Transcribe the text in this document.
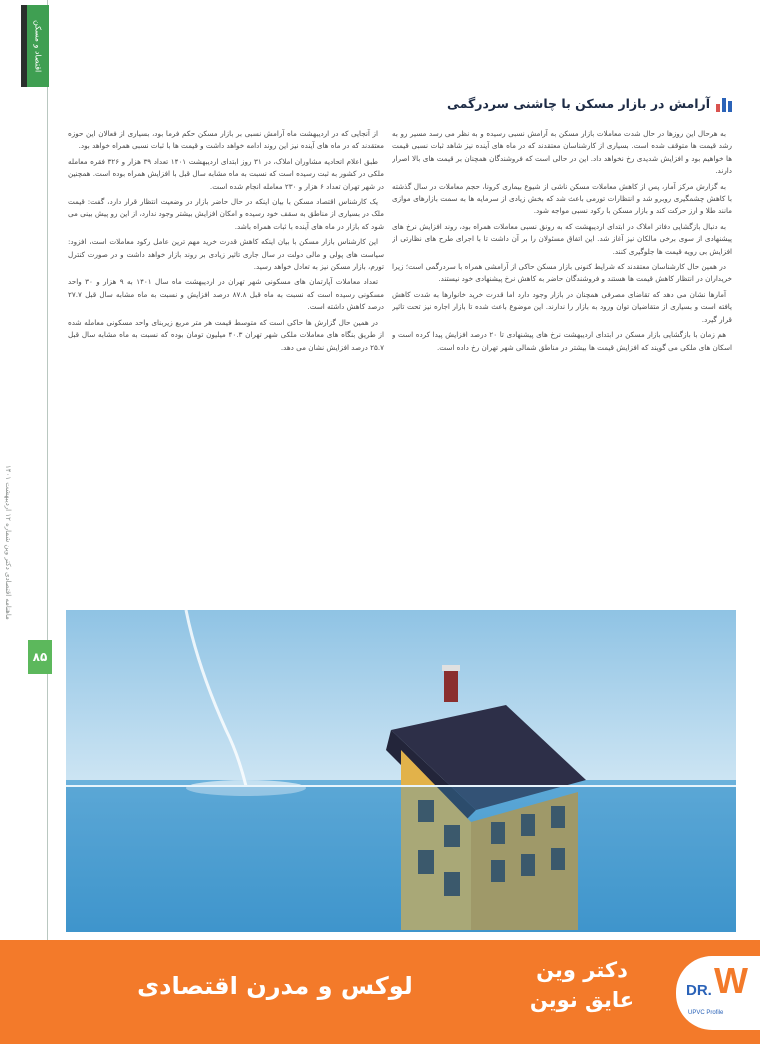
اقتصاد و مسکن
ماهنامه اقتصادی دکتر وین شماره ۱۲ اردیبهشت ۱۴۰۱
۸۵
آرامش در بازار مسکن با چاشنی سردرگمی

به هرحال این روزها در حال شدت معاملات بازار مسکن به آرامش نسبی رسیده و به نظر می رسد مسیر رو به رشد قیمت ها متوقف شده است. بسیاری از کارشناسان معتقدند که در ماه های آینده نیز شاهد ثبات نسبی قیمت ها خواهیم بود و افزایش شدیدی رخ نخواهد داد. این در حالی است که فروشندگان همچنان بر قیمت های بالا اصرار دارند.

به گزارش مرکز آمار، پس از کاهش معاملات مسکن ناشی از شیوع بیماری کرونا، حجم معاملات در سال گذشته با کاهش چشمگیری روبرو شد و انتظارات تورمی باعث شد که بخش زیادی از سرمایه ها به سمت بازارهای موازی مانند طلا و ارز حرکت کند و بازار مسکن با رکود نسبی مواجه شود.

به دنبال بازگشایی دفاتر املاک در ابتدای اردیبهشت که به رونق نسبی معاملات همراه بود، روند افزایش نرخ های پیشنهادی از سوی برخی مالکان نیز آغاز شد. این اتفاق مسئولان را بر آن داشت تا با اجرای طرح های نظارتی از افزایش بی رویه قیمت ها جلوگیری کنند.

در همین حال کارشناسان معتقدند که شرایط کنونی بازار مسکن حاکی از آرامشی همراه با سردرگمی است؛ زیرا خریداران در انتظار کاهش قیمت ها هستند و فروشندگان حاضر به کاهش نرخ پیشنهادی خود نیستند.

آمارها نشان می دهد که تقاضای مصرفی همچنان در بازار وجود دارد اما قدرت خرید خانوارها به شدت کاهش یافته است و بسیاری از متقاضیان توان ورود به بازار را ندارند. این موضوع باعث شده تا بازار اجاره نیز تحت تاثیر قرار گیرد.

هم زمان با بازگشایی بازار مسکن در ابتدای اردیبهشت نرخ های پیشنهادی تا ۲۰ درصد افزایش پیدا کرده است و اسکان های ملکی می گویند که افزایش قیمت ها بیشتر در مناطق شمالی شهر تهران رخ داده است.

از آنجایی که در اردیبهشت ماه آرامش نسبی بر بازار مسکن حکم فرما بود، بسیاری از فعالان این حوزه معتقدند که در ماه های آینده نیز این روند ادامه خواهد داشت و قیمت ها با ثبات نسبی همراه خواهد بود.

طبق اعلام اتحادیه مشاوران املاک، در ۳۱ روز ابتدای اردیبهشت ۱۴۰۱ تعداد ۳۹ هزار و ۳۲۶ فقره معامله ملکی در کشور به ثبت رسیده است که نسبت به ماه مشابه سال قبل با افزایش همراه بوده است. همچنین در شهر تهران تعداد ۶ هزار و ۲۳۰ معامله انجام شده است.

یک کارشناس اقتصاد مسکن با بیان اینکه در حال حاضر بازار در وضعیت انتظار قرار دارد، گفت: قیمت ملک در بسیاری از مناطق به سقف خود رسیده و امکان افزایش بیشتر وجود ندارد، از این رو پیش بینی می شود که بازار در ماه های آینده با ثبات همراه باشد.

این کارشناس بازار مسکن با بیان اینکه کاهش قدرت خرید مهم ترین عامل رکود معاملات است، افزود: سیاست های پولی و مالی دولت در سال جاری تاثیر زیادی بر روند بازار خواهد داشت و در صورت کنترل تورم، بازار مسکن نیز به تعادل خواهد رسید.

تعداد معاملات آپارتمان های مسکونی شهر تهران در اردیبهشت ماه سال ۱۴۰۱ به ۹ هزار و ۳۰ واحد مسکونی رسیده است که نسبت به ماه قبل ۸۷.۸ درصد افزایش و نسبت به ماه مشابه سال قبل ۲۷.۷ درصد کاهش داشته است.

در همین حال گزارش ها حاکی است که متوسط قیمت هر متر مربع زیربنای واحد مسکونی معامله شده از طریق بنگاه های معاملات ملکی شهر تهران ۴۰.۳ میلیون تومان بوده که نسبت به ماه مشابه سال قبل ۲۵.۷ درصد افزایش نشان می دهد.

لوکس و مدرن اقتصادی
دکتر وین
عایق نوین	DR. W
UPVC Profile
